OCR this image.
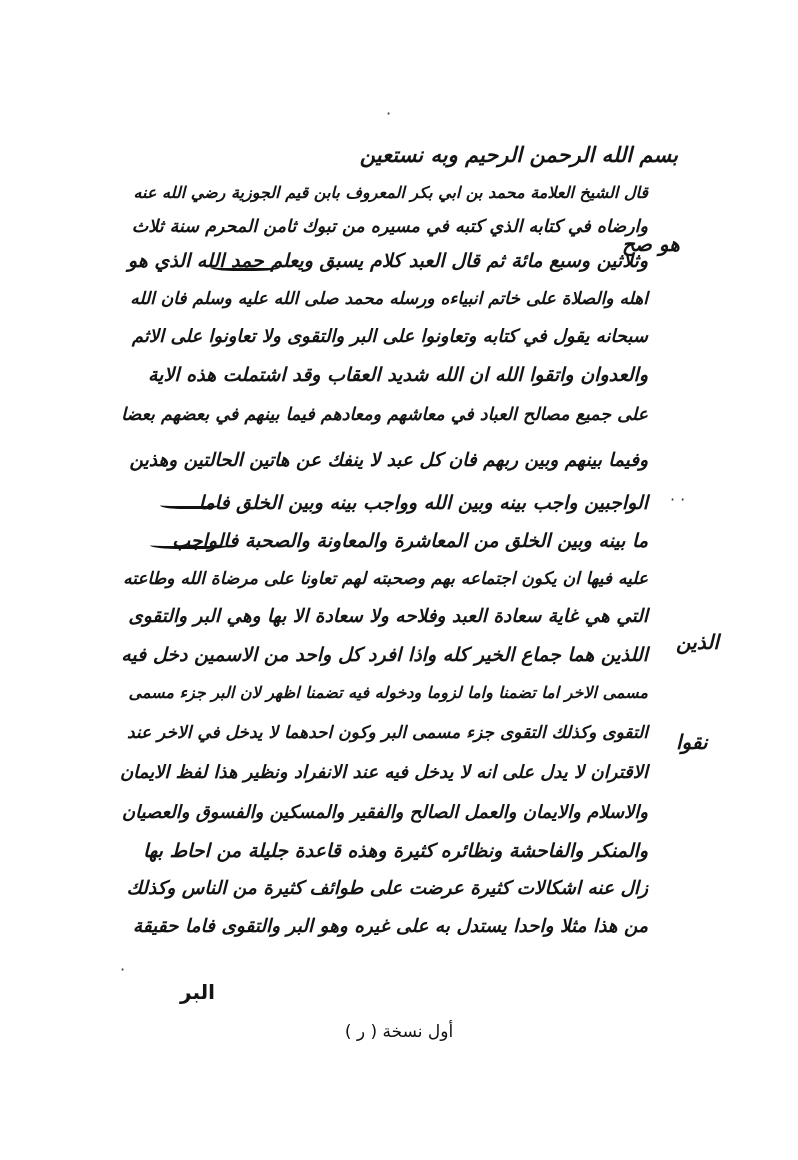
بسم الله الرحمن الرحيم وبه نستعين
قال الشيخ العلامة محمد بن ابي بكر المعروف بابن قيم الجوزية رضي الله عنه
وارضاه في كتابه الذي كتبه في مسيره من تبوك ثامن المحرم سنة ثلاث
وثلاثين وسبع مائة ثم قال العبد كلام يسبق ويعلم حمد الله الذي هو
اهله والصلاة على خاتم انبياءه ورسله محمد صلى الله عليه وسلم فان الله
سبحانه يقول في كتابه وتعاونوا على البر والتقوى ولا تعاونوا على الاثم
والعدوان واتقوا الله ان الله شديد العقاب وقد اشتملت هذه الاية
على جميع مصالح العباد في معاشهم ومعادهم فيما بينهم في بعضهم بعضا
وفيما بينهم وبين ربهم فان كل عبد لا ينفك عن هاتين الحالتين وهذين
الواجبين واجب بينه وبين الله وواجب بينه وبين الخلق فاما
ما بينه وبين الخلق من المعاشرة والمعاونة والصحبة فالواجب
عليه فيها ان يكون اجتماعه بهم وصحبته لهم تعاونا على مرضاة الله وطاعته
التي هي غاية سعادة العبد وفلاحه ولا سعادة الا بها وهي البر والتقوى
اللذين هما جماع الخير كله واذا افرد كل واحد من الاسمين دخل فيه
مسمى الاخر اما تضمنا واما لزوما ودخوله فيه تضمنا اظهر لان البر جزء مسمى
التقوى وكذلك التقوى جزء مسمى البر وكون احدهما لا يدخل في الاخر عند
الاقتران لا يدل على انه لا يدخل فيه عند الانفراد ونظير هذا لفظ الايمان
والاسلام والايمان والعمل الصالح والفقير والمسكين والفسوق والعصيان
والمنكر والفاحشة ونظائره كثيرة وهذه قاعدة جليلة من احاط بها
زال عنه اشكالات كثيرة عرضت على طوائف كثيرة من الناس وكذلك
من هذا مثلا واحدا يستدل به على غيره وهو البر والتقوى فاما حقيقة
هو صح
الذين
نقوا
·
· ·
·
البر
أول نسخة ( ر )
